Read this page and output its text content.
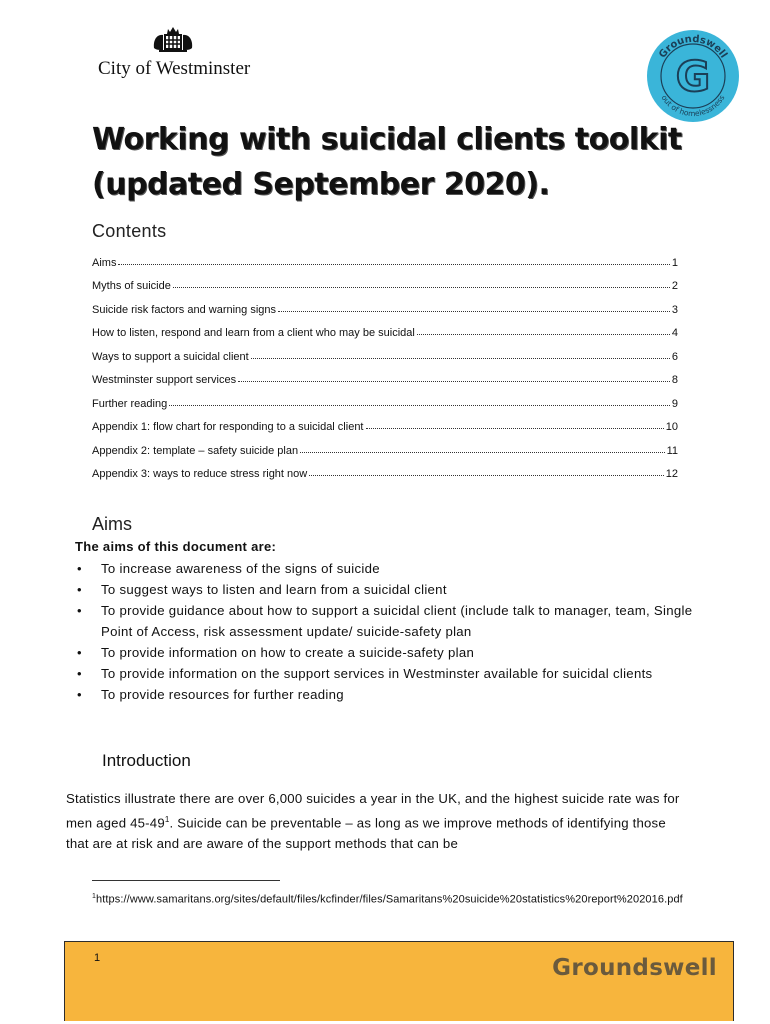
City of Westminster
Groundswell
out of homelessness
G
Working with suicidal clients toolkit (updated September 2020).
Contents
Aims	1
Myths of suicide	2
Suicide risk factors and warning signs	3
How to listen, respond and learn from a client who may be suicidal	4
Ways to support a suicidal client	6
Westminster support services	8
Further reading	9
Appendix 1: flow chart for responding to a suicidal client	10
Appendix 2: template – safety suicide plan	11
Appendix 3: ways to reduce stress right now	12
Aims
The aims of this document are:
• To increase awareness of the signs of suicide
• To suggest ways to listen and learn from a suicidal client
• To provide guidance about how to support a suicidal client (include talk to manager, team, Single Point of Access, risk assessment update/ suicide-safety plan
• To provide information on how to create a suicide-safety plan
• To provide information on the support services in Westminster available for suicidal clients
• To provide resources for further reading
Introduction

Statistics illustrate there are over 6,000 suicides a year in the UK, and the highest suicide rate was for men aged $45-49^1$. Suicide can be preventable – as long as we improve methods of identifying those that are at risk and are aware of the support methods that can be

$^1$https://www.samaritans.org/sites/default/files/kcfinder/files/Samaritans%20suicide%20statistics%20report%202016.pdf
1	Groundswell
